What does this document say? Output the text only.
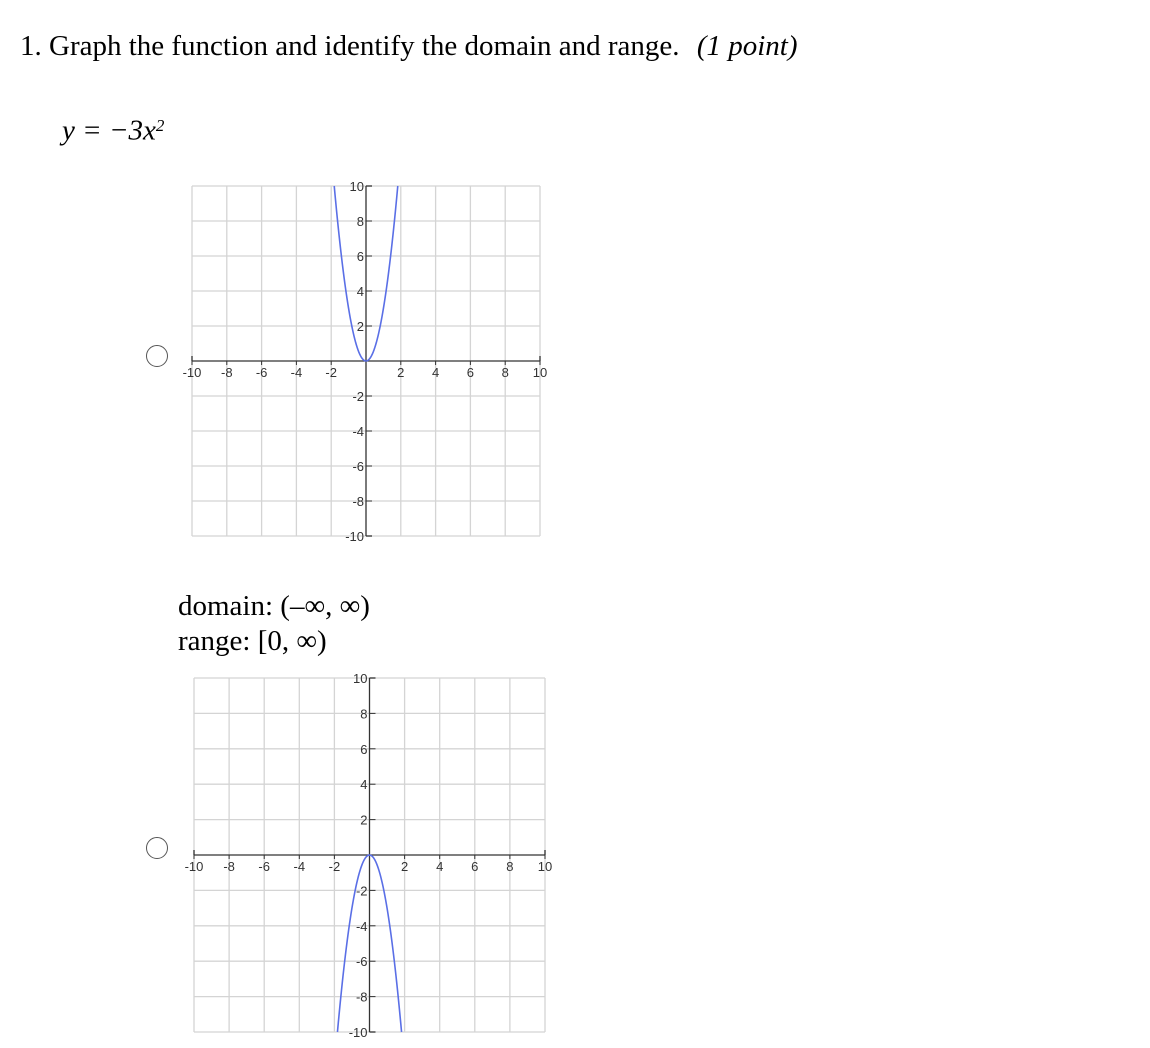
1. Graph the function and identify the domain and range. (1 point)
$y = -3x^2$
-10 -8 -6 -4 -2	2 4 6 8 10
10
8
6
4
2
-2
-4
-6
-8
-10
domain: (–∞, ∞)
range: [0, ∞)
-10 -8 -6 -4 -2	2 4 6 8 10
10
8
6
4
2
-2
-4
-6
-8
-10
